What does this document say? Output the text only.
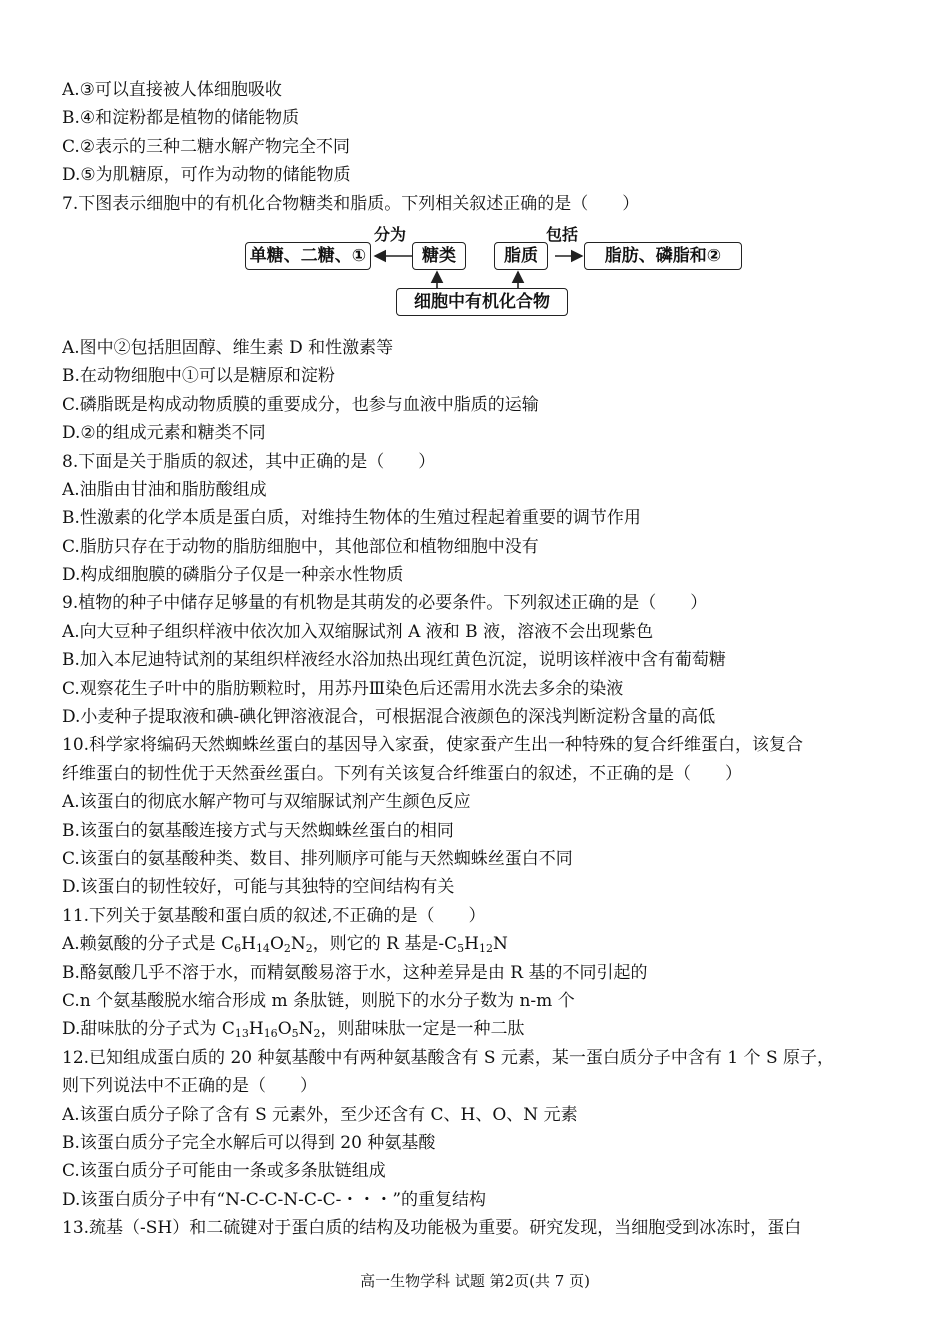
A.③可以直接被人体细胞吸收
B.④和淀粉都是植物的储能物质
C.②表示的三种二糖水解产物完全不同
D.⑤为肌糖原，可作为动物的储能物质
7.下图表示细胞中的有机化合物糖类和脂质。下列相关叙述正确的是（　　）
单糖、二糖、①
分为
糖类	脂质
包括
脂肪、磷脂和②
细胞中有机化合物
A.图中②包括胆固醇、维生素 D 和性激素等
B.在动物细胞中①可以是糖原和淀粉
C.磷脂既是构成动物质膜的重要成分，也参与血液中脂质的运输
D.②的组成元素和糖类不同
8.下面是关于脂质的叙述，其中正确的是（　　）
A.油脂由甘油和脂肪酸组成
B.性激素的化学本质是蛋白质，对维持生物体的生殖过程起着重要的调节作用
C.脂肪只存在于动物的脂肪细胞中，其他部位和植物细胞中没有
D.构成细胞膜的磷脂分子仅是一种亲水性物质
9.植物的种子中储存足够量的有机物是其萌发的必要条件。下列叙述正确的是（　　）
A.向大豆种子组织样液中依次加入双缩脲试剂 A 液和 B 液，溶液不会出现紫色
B.加入本尼迪特试剂的某组织样液经水浴加热出现红黄色沉淀，说明该样液中含有葡萄糖
C.观察花生子叶中的脂肪颗粒时，用苏丹Ⅲ染色后还需用水洗去多余的染液
D.小麦种子提取液和碘-碘化钾溶液混合，可根据混合液颜色的深浅判断淀粉含量的高低
10.科学家将编码天然蜘蛛丝蛋白的基因导入家蚕，使家蚕产生出一种特殊的复合纤维蛋白，该复合
纤维蛋白的韧性优于天然蚕丝蛋白。下列有关该复合纤维蛋白的叙述，不正确的是（　　）
A.该蛋白的彻底水解产物可与双缩脲试剂产生颜色反应
B.该蛋白的氨基酸连接方式与天然蜘蛛丝蛋白的相同
C.该蛋白的氨基酸种类、数目、排列顺序可能与天然蜘蛛丝蛋白不同
D.该蛋白的韧性较好，可能与其独特的空间结构有关
11.下列关于氨基酸和蛋白质的叙述,不正确的是（　　）
A.赖氨酸的分子式是 $C_6H_{14}O_2N_2$，则它的 R 基是$-C_5H_{12}N$
B.酪氨酸几乎不溶于水，而精氨酸易溶于水，这种差异是由 R 基的不同引起的
C.n 个氨基酸脱水缩合形成 m 条肽链，则脱下的水分子数为 n-m 个
D.甜味肽的分子式为 $C_{13}H_{16}O_5N_2$，则甜味肽一定是一种二肽
12.已知组成蛋白质的 20 种氨基酸中有两种氨基酸含有 S 元素，某一蛋白质分子中含有 1 个 S 原子，
则下列说法中不正确的是（　　）
A.该蛋白质分子除了含有 S 元素外，至少还含有 C、H、O、N 元素
B.该蛋白质分子完全水解后可以得到 20 种氨基酸
C.该蛋白质分子可能由一条或多条肽链组成
D.该蛋白质分子中有“N-C-C-N-C-C-・・・”的重复结构
13.巯基（-SH）和二硫键对于蛋白质的结构及功能极为重要。研究发现，当细胞受到冰冻时，蛋白
高一生物学科 试题 第2页(共 7 页)
